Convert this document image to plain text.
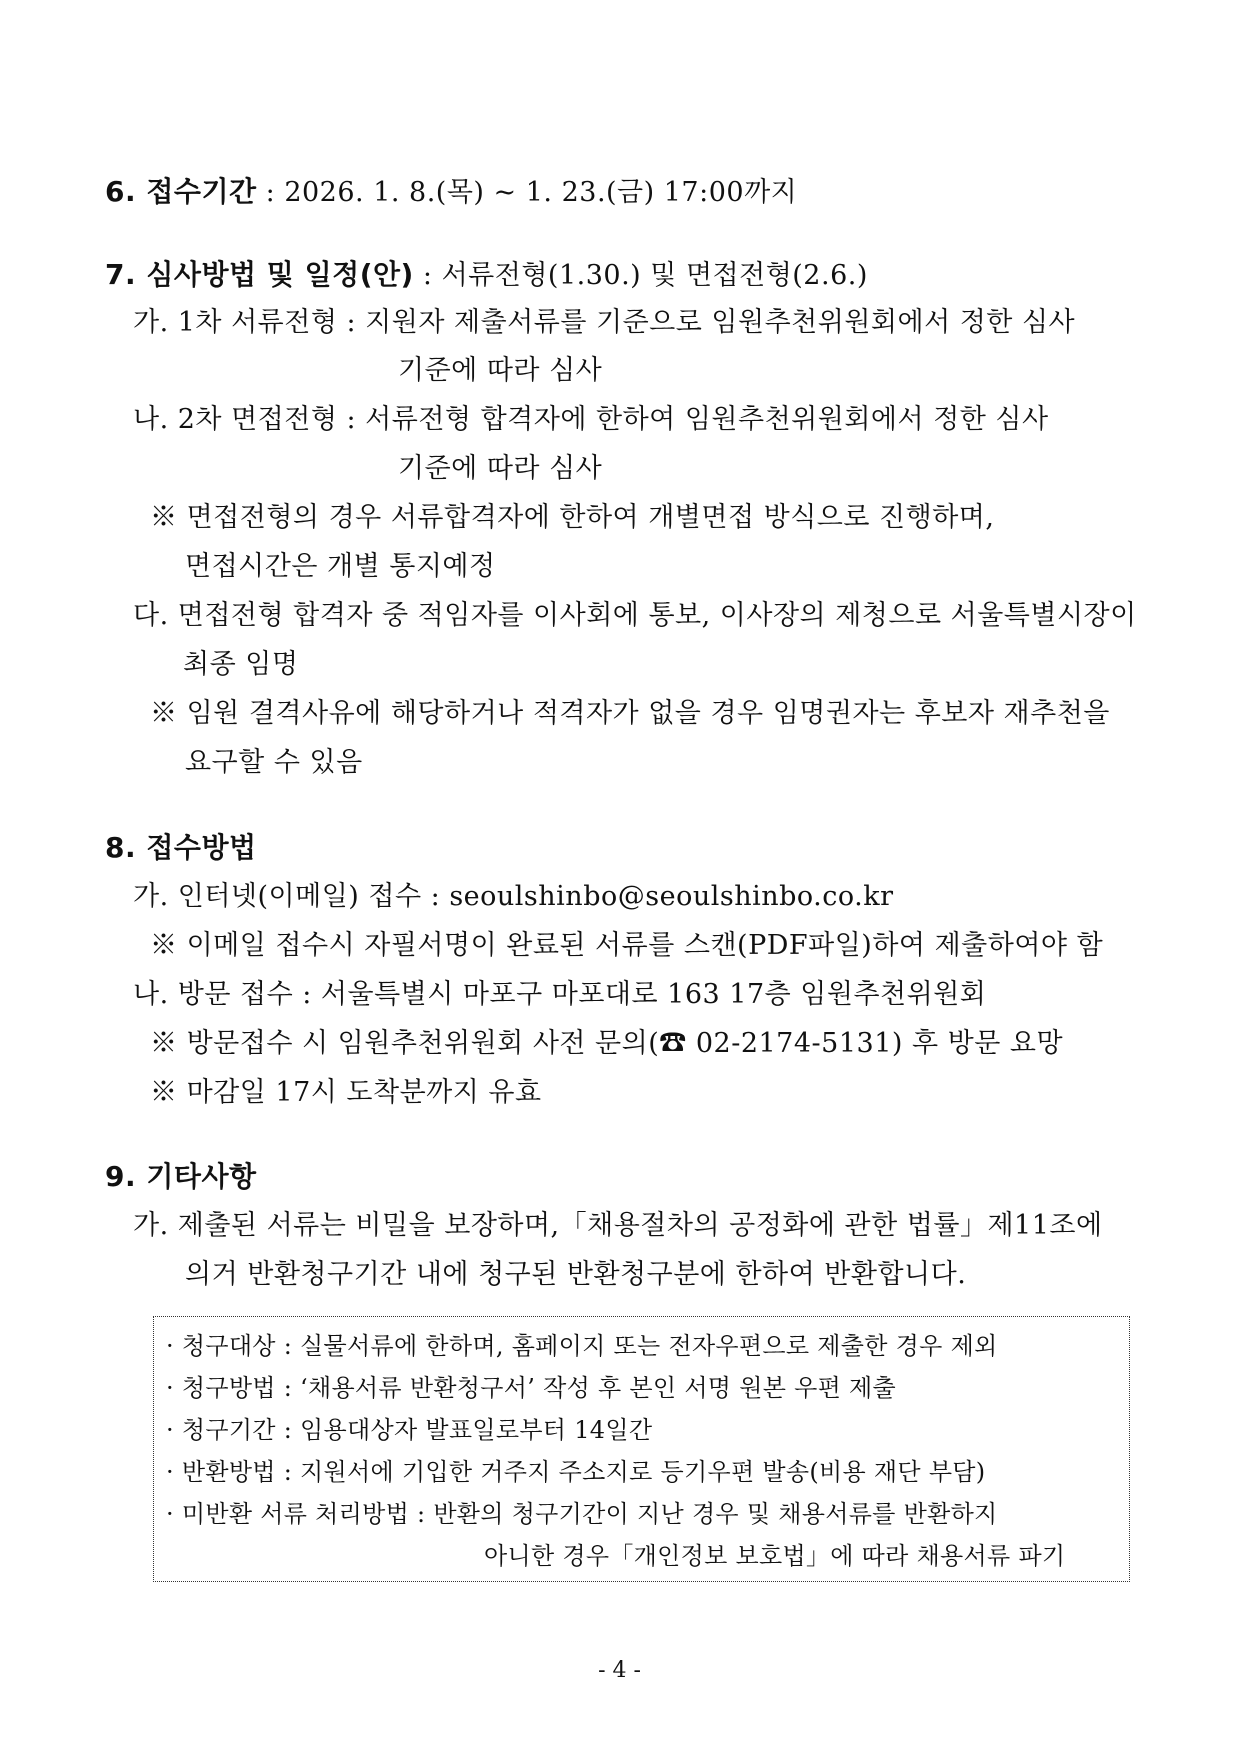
6. 접수기간 : 2026. 1. 8.(목) ~ 1. 23.(금) 17:00까지
7. 심사방법 및 일정(안) : 서류전형(1.30.) 및 면접전형(2.6.)
가. 1차 서류전형 : 지원자 제출서류를 기준으로 임원추천위원회에서 정한 심사
기준에 따라 심사
나. 2차 면접전형 : 서류전형 합격자에 한하여 임원추천위원회에서 정한 심사
기준에 따라 심사
※ 면접전형의 경우 서류합격자에 한하여 개별면접 방식으로 진행하며,
면접시간은 개별 통지예정
다. 면접전형 합격자 중 적임자를 이사회에 통보, 이사장의 제청으로 서울특별시장이
최종 임명
※ 임원 결격사유에 해당하거나 적격자가 없을 경우 임명권자는 후보자 재추천을
요구할 수 있음
8. 접수방법
가. 인터넷(이메일) 접수 : seoulshinbo@seoulshinbo.co.kr
※ 이메일 접수시 자필서명이 완료된 서류를 스캔(PDF파일)하여 제출하여야 함
나. 방문 접수 : 서울특별시 마포구 마포대로 163 17층 임원추천위원회
※ 방문접수 시 임원추천위원회 사전 문의(☎ 02-2174-5131) 후 방문 요망
※ 마감일 17시 도착분까지 유효
9. 기타사항
가. 제출된 서류는 비밀을 보장하며,「채용절차의 공정화에 관한 법률」제11조에
의거 반환청구기간 내에 청구된 반환청구분에 한하여 반환합니다.
· 청구대상 : 실물서류에 한하며, 홈페이지 또는 전자우편으로 제출한 경우 제외
· 청구방법 : ‘채용서류 반환청구서’ 작성 후 본인 서명 원본 우편 제출
· 청구기간 : 임용대상자 발표일로부터 14일간
· 반환방법 : 지원서에 기입한 거주지 주소지로 등기우편 발송(비용 재단 부담)
· 미반환 서류 처리방법 : 반환의 청구기간이 지난 경우 및 채용서류를 반환하지
아니한 경우「개인정보 보호법」에 따라 채용서류 파기
- 4 -
